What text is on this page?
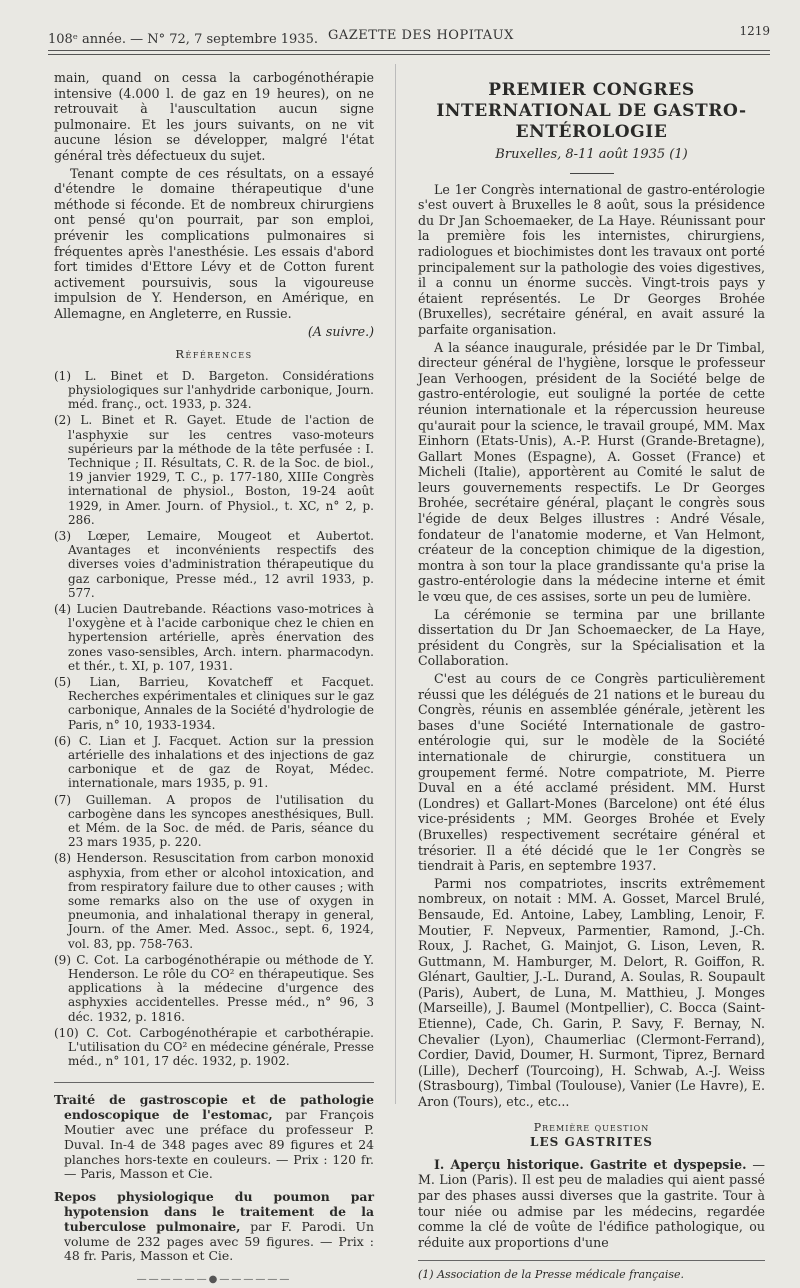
108ᵉ année. — N° 72, 7 septembre 1935. GAZETTE DES HOPITAUX	1219

main, quand on cessa la carbogénothérapie intensive (4.000 l. de gaz en 19 heures), on ne retrouvait à l'auscultation aucun signe pulmonaire. Et les jours suivants, on ne vit aucune lésion se développer, malgré l'état général très défectueux du sujet.

Tenant compte de ces résultats, on a essayé d'étendre le domaine thérapeutique d'une méthode si féconde. Et de nombreux chirurgiens ont pensé qu'on pourrait, par son emploi, prévenir les complications pulmonaires si fréquentes après l'anesthésie. Les essais d'abord fort timides d'Ettore Lévy et de Cotton furent activement poursuivis, sous la vigoureuse impulsion de Y. Henderson, en Amérique, en Allemagne, en Angleterre, en Russie.

(A suivre.)
Références
(1) L. Binet et D. Bargeton. Considérations physiologiques sur l'anhydride carbonique, Journ. méd. franç., oct. 1933, p. 324.
(2) L. Binet et R. Gayet. Etude de l'action de l'asphyxie sur les centres vaso-moteurs supérieurs par la méthode de la tête perfusée : I. Technique ; II. Résultats, C. R. de la Soc. de biol., 19 janvier 1929, T. C., p. 177-180, XIIIe Congrès international de physiol., Boston, 19-24 août 1929, in Amer. Journ. of Physiol., t. XC, n° 2, p. 286.
(3) Lœper, Lemaire, Mougeot et Aubertot. Avantages et inconvénients respectifs des diverses voies d'administration thérapeutique du gaz carbonique, Presse méd., 12 avril 1933, p. 577.
(4) Lucien Dautrebande. Réactions vaso-motrices à l'oxygène et à l'acide carbonique chez le chien en hypertension artérielle, après énervation des zones vaso-sensibles, Arch. intern. pharmacodyn. et thér., t. XI, p. 107, 1931.
(5) Lian, Barrieu, Kovatcheff et Facquet. Recherches expérimentales et cliniques sur le gaz carbonique, Annales de la Société d'hydrologie de Paris, n° 10, 1933-1934.
(6) C. Lian et J. Facquet. Action sur la pression artérielle des inhalations et des injections de gaz carbonique et de gaz de Royat, Médec. internationale, mars 1935, p. 91.
(7) Guilleman. A propos de l'utilisation du carbogène dans les syncopes anesthésiques, Bull. et Mém. de la Soc. de méd. de Paris, séance du 23 mars 1935, p. 220.
(8) Henderson. Resuscitation from carbon monoxid asphyxia, from ether or alcohol intoxication, and from respiratory failure due to other causes ; with some remarks also on the use of oxygen in pneumonia, and inhalational therapy in general, Journ. of the Amer. Med. Assoc., sept. 6, 1924, vol. 83, pp. 758-763.
(9) C. Cot. La carbogénothérapie ou méthode de Y. Henderson. Le rôle du CO² en thérapeutique. Ses applications à la médecine d'urgence des asphyxies accidentelles. Presse méd., n° 96, 3 déc. 1932, p. 1816.
(10) C. Cot. Carbogénothérapie et carbothérapie. L'utilisation du CO² en médecine générale, Presse méd., n° 101, 17 déc. 1932, p. 1902.
Traité de gastroscopie et de pathologie endoscopique de l'estomac, par François Moutier avec une préface du professeur P. Duval. In-4 de 348 pages avec 89 figures et 24 planches hors-texte en couleurs. — Prix : 120 fr. — Paris, Masson et Cie.
Repos physiologique du poumon par hypotension dans le traitement de la tuberculose pulmonaire, par F. Parodi. Un volume de 232 pages avec 59 figures. — Prix : 48 fr. Paris, Masson et Cie.
——————●——————
PREMIER CONGRES
INTERNATIONAL DE GASTRO-ENTÉROLOGIE
Bruxelles, 8-11 août 1935 (1)

Le 1er Congrès international de gastro-entérologie s'est ouvert à Bruxelles le 8 août, sous la présidence du Dr Jan Schoemaeker, de La Haye. Réunissant pour la première fois les internistes, chirurgiens, radiologues et biochimistes dont les travaux ont porté principalement sur la pathologie des voies digestives, il a connu un énorme succès. Vingt-trois pays y étaient représentés. Le Dr Georges Brohée (Bruxelles), secrétaire général, en avait assuré la parfaite organisation.

A la séance inaugurale, présidée par le Dr Timbal, directeur général de l'hygiène, lorsque le professeur Jean Verhoogen, président de la Société belge de gastro-entérologie, eut souligné la portée de cette réunion internationale et la répercussion heureuse qu'aurait pour la science, le travail groupé, MM. Max Einhorn (Etats-Unis), A.-P. Hurst (Grande-Bretagne), Gallart Mones (Espagne), A. Gosset (France) et Micheli (Italie), apportèrent au Comité le salut de leurs gouvernements respectifs. Le Dr Georges Brohée, secrétaire général, plaçant le congrès sous l'égide de deux Belges illustres : André Vésale, fondateur de l'anatomie moderne, et Van Helmont, créateur de la conception chimique de la digestion, montra à son tour la place grandissante qu'a prise la gastro-entérologie dans la médecine interne et émit le vœu que, de ces assises, sorte un peu de lumière.

La cérémonie se termina par une brillante dissertation du Dr Jan Schoemaecker, de La Haye, président du Congrès, sur la Spécialisation et la Collaboration.

C'est au cours de ce Congrès particulièrement réussi que les délégués de 21 nations et le bureau du Congrès, réunis en assemblée générale, jetèrent les bases d'une Société Internationale de gastro-entérologie qui, sur le modèle de la Société internationale de chirurgie, constituera un groupement fermé. Notre compatriote, M. Pierre Duval en a été acclamé président. MM. Hurst (Londres) et Gallart-Mones (Barcelone) ont été élus vice-présidents ; MM. Georges Brohée et Evely (Bruxelles) respectivement secrétaire général et trésorier. Il a été décidé que le 1er Congrès se tiendrait à Paris, en septembre 1937.

Parmi nos compatriotes, inscrits extrêmement nombreux, on notait : MM. A. Gosset, Marcel Brulé, Bensaude, Ed. Antoine, Labey, Lambling, Lenoir, F. Moutier, F. Nepveux, Parmentier, Ramond, J.-Ch. Roux, J. Rachet, G. Mainjot, G. Lison, Leven, R. Guttmann, M. Hamburger, M. Delort, R. Goiffon, R. Glénart, Gaultier, J.-L. Durand, A. Soulas, R. Soupault (Paris), Aubert, de Luna, M. Matthieu, J. Monges (Marseille), J. Baumel (Montpellier), C. Bocca (Saint-Etienne), Cade, Ch. Garin, P. Savy, F. Bernay, N. Chevalier (Lyon), Chaumerliac (Clermont-Ferrand), Cordier, David, Doumer, H. Surmont, Tiprez, Bernard (Lille), Decherf (Tourcoing), H. Schwab, A.-J. Weiss (Strasbourg), Timbal (Toulouse), Vanier (Le Havre), E. Aron (Tours), etc., etc...

Première question
LES GASTRITES

I. Aperçu historique. Gastrite et dyspepsie. — M. Lion (Paris). Il est peu de maladies qui aient passé par des phases aussi diverses que la gastrite. Tour à tour niée ou admise par les médecins, regardée comme la clé de voûte de l'édifice pathologique, ou réduite aux proportions d'une

(1) Association de la Presse médicale française.
